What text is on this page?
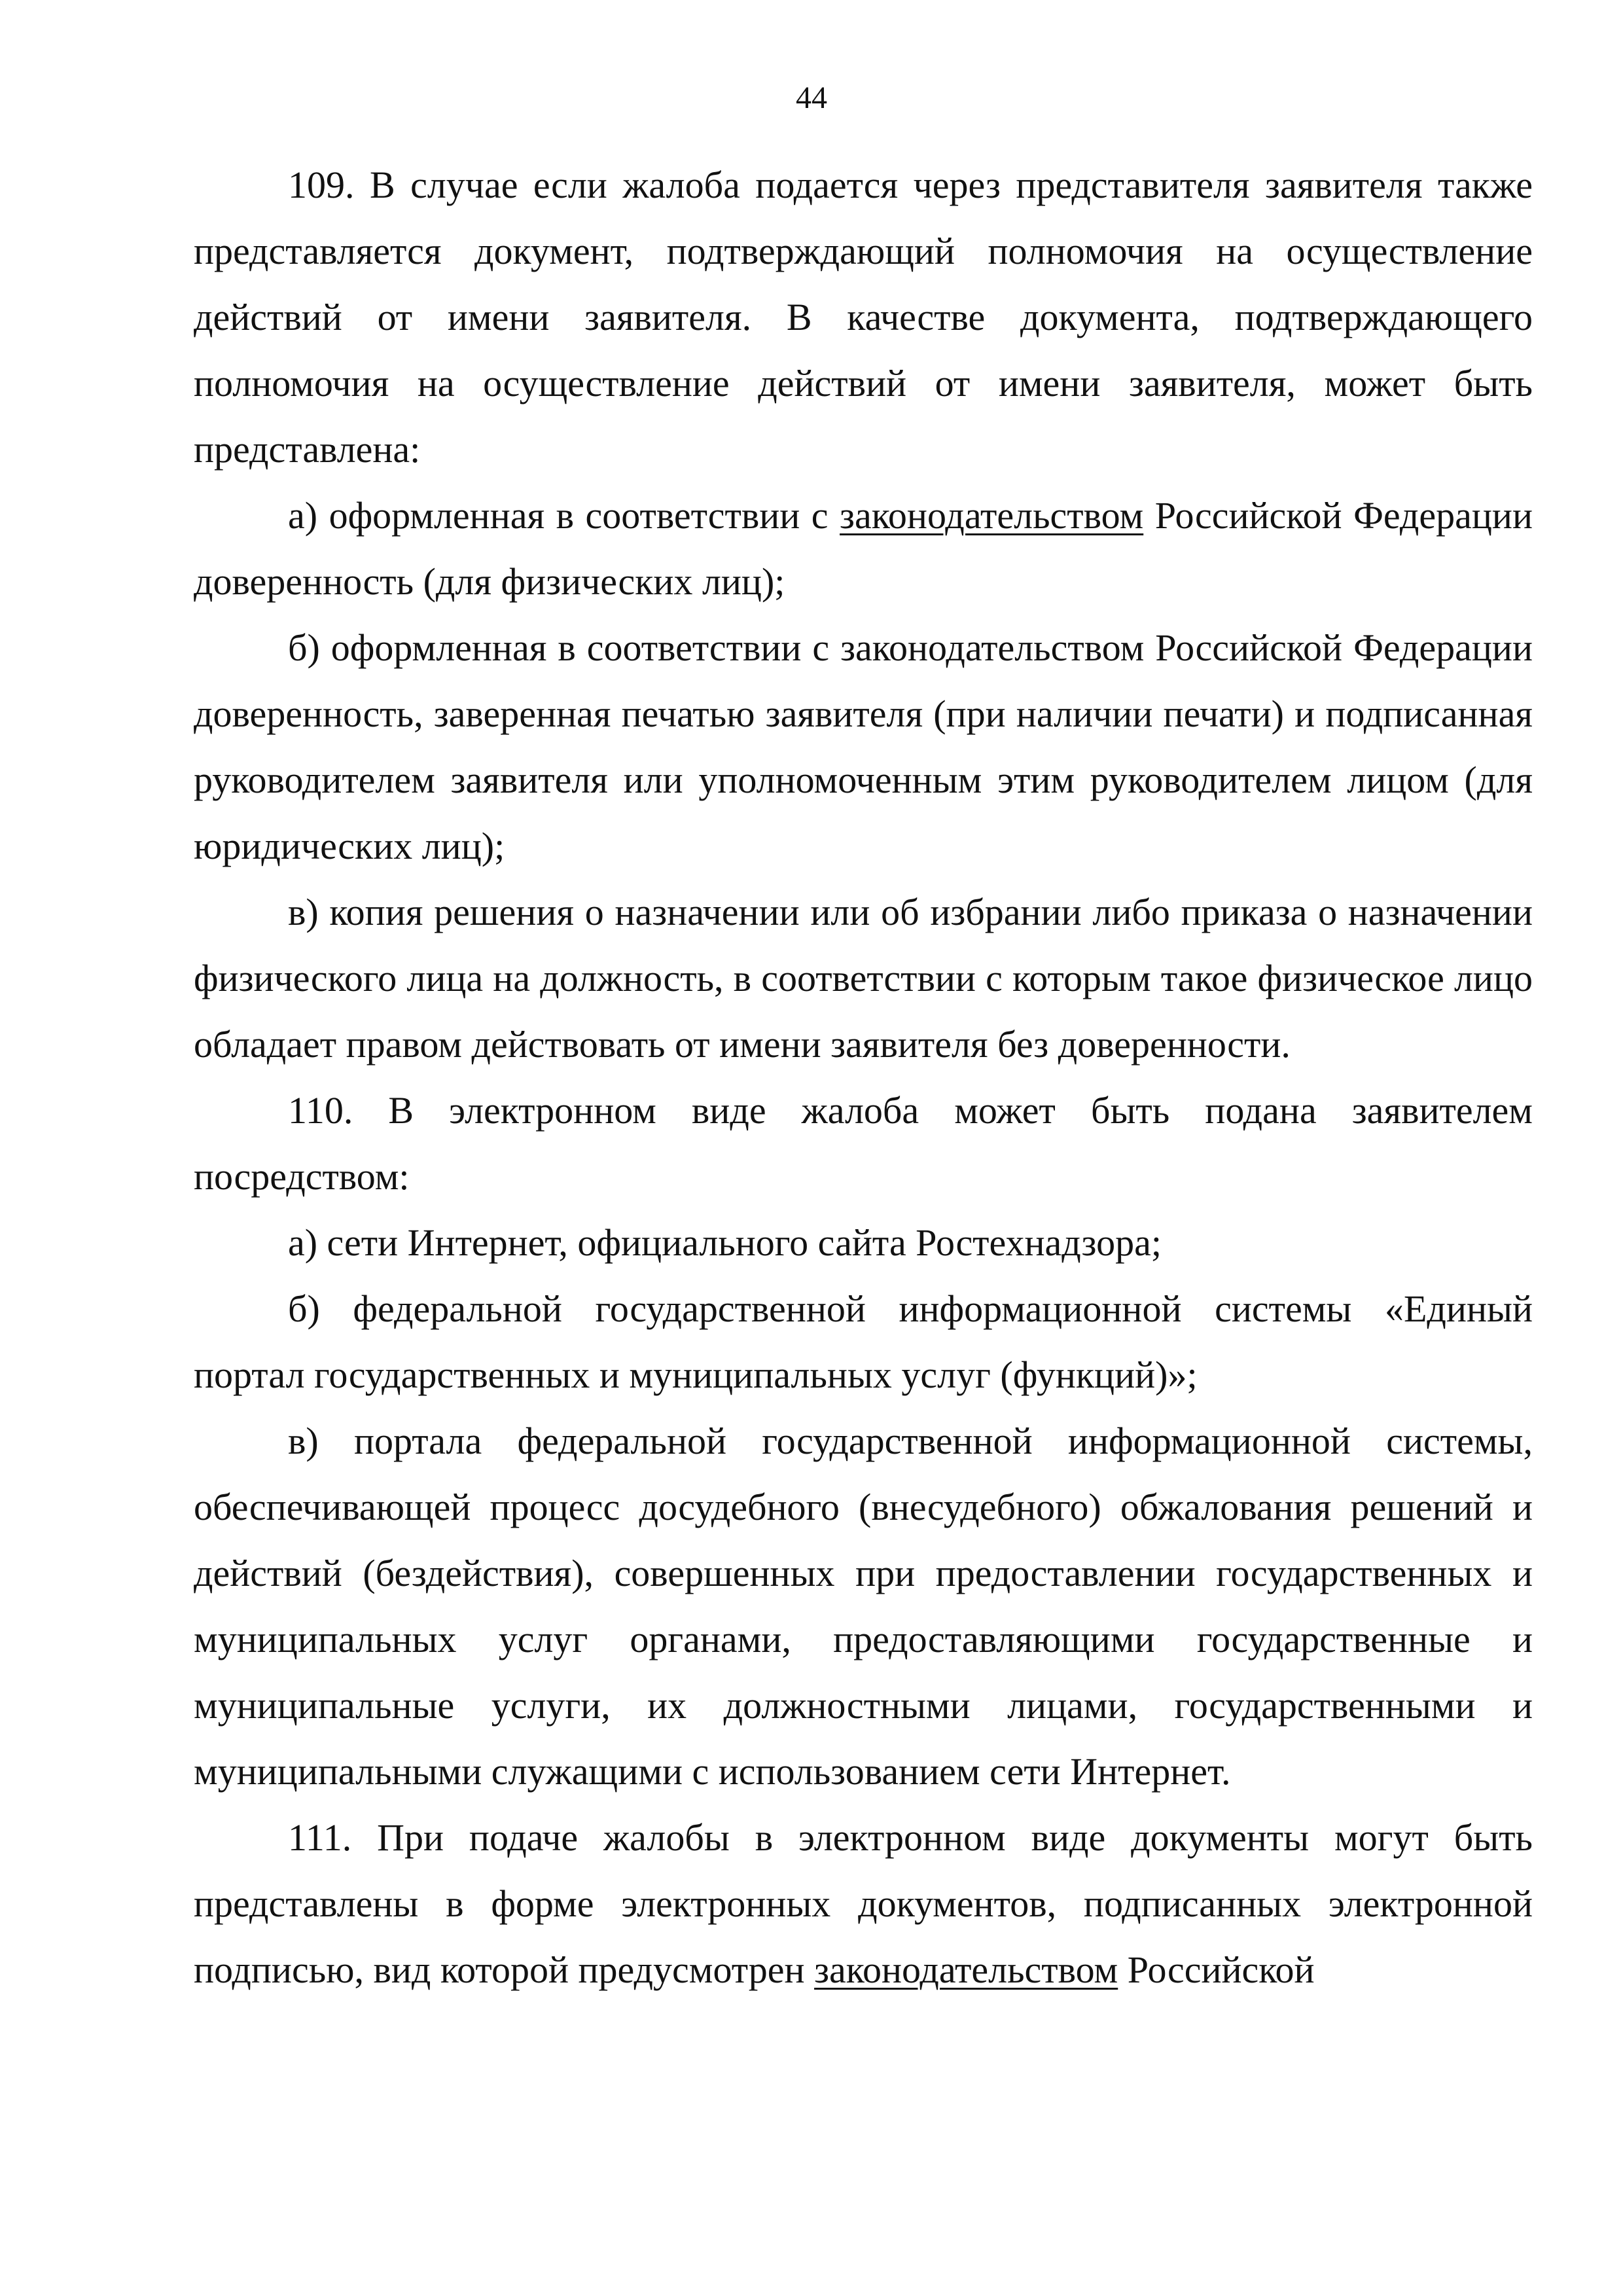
44

109. В случае если жалоба подается через представителя заявителя также представляется документ, подтверждающий полномочия на осуществление действий от имени заявителя. В качестве документа, подтверждающего полномочия на осуществление действий от имени заявителя, может быть представлена:

а) оформленная в соответствии с законодательством Российской Федерации доверенность (для физических лиц);

б) оформленная в соответствии с законодательством Российской Федерации доверенность, заверенная печатью заявителя (при наличии печати) и подписанная руководителем заявителя или уполномоченным этим руководителем лицом (для юридических лиц);

в) копия решения о назначении или об избрании либо приказа о назначении физического лица на должность, в соответствии с которым такое физическое лицо обладает правом действовать от имени заявителя без доверенности.

110. В электронном виде жалоба может быть подана заявителем посредством:

а) сети Интернет, официального сайта Ростехнадзора;

б) федеральной государственной информационной системы «Единый портал государственных и муниципальных услуг (функций)»;

в) портала федеральной государственной информационной системы, обеспечивающей процесс досудебного (внесудебного) обжалования решений и действий (бездействия), совершенных при предоставлении государственных и муниципальных услуг органами, предоставляющими государственные и муниципальные услуги, их должностными лицами, государственными и муниципальными служащими с использованием сети Интернет.

111. При подаче жалобы в электронном виде документы могут быть представлены в форме электронных документов, подписанных электронной подписью, вид которой предусмотрен законодательством Российской
